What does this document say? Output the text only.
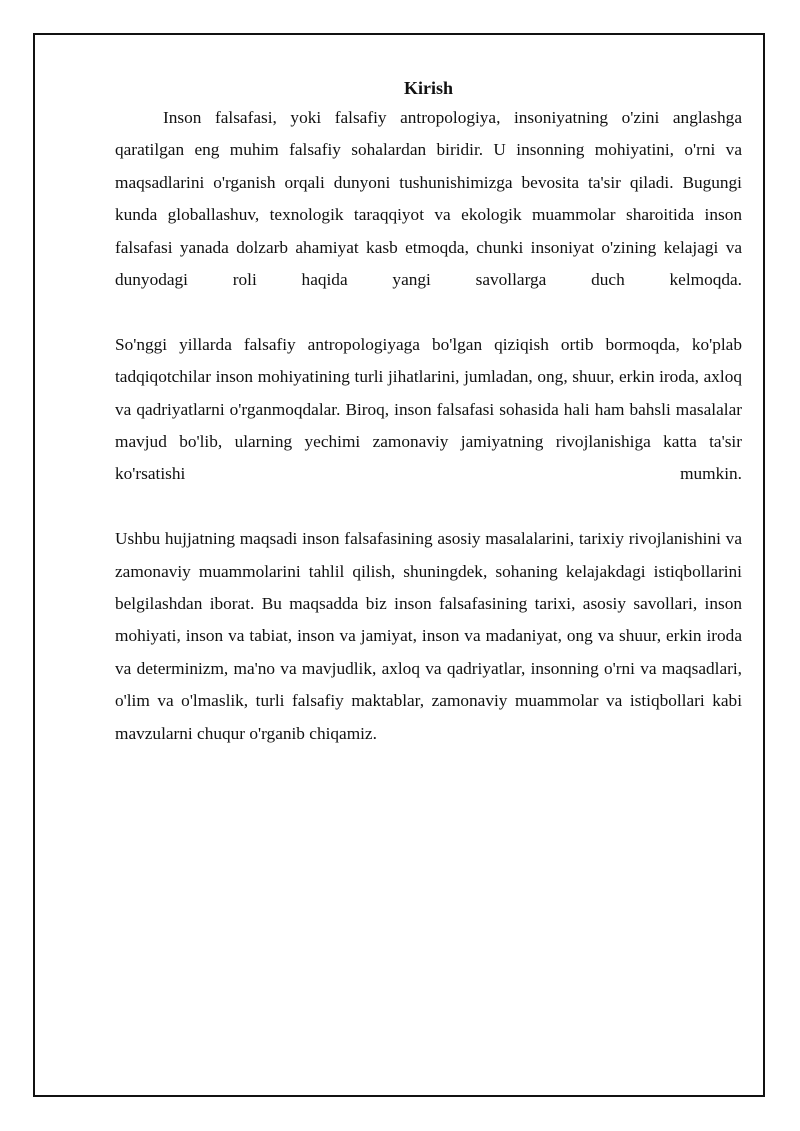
Kirish

Inson falsafasi, yoki falsafiy antropologiya, insoniyatning o'zini anglashga qaratilgan eng muhim falsafiy sohalardan biridir. U insonning mohiyatini, o'rni va maqsadlarini o'rganish orqali dunyoni tushunishimizga bevosita ta'sir qiladi. Bugungi kunda globallashuv, texnologik taraqqiyot va ekologik muammolar sharoitida inson falsafasi yanada dolzarb ahamiyat kasb etmoqda, chunki insoniyat o'zining kelajagi va dunyodagi roli haqida yangi savollarga duch kelmoqda.

So'nggi yillarda falsafiy antropologiyaga bo'lgan qiziqish ortib bormoqda, ko'plab tadqiqotchilar inson mohiyatining turli jihatlarini, jumladan, ong, shuur, erkin iroda, axloq va qadriyatlarni o'rganmoqdalar. Biroq, inson falsafasi sohasida hali ham bahsli masalalar mavjud bo'lib, ularning yechimi zamonaviy jamiyatning rivojlanishiga katta ta'sir ko'rsatishi mumkin.

Ushbu hujjatning maqsadi inson falsafasining asosiy masalalarini, tarixiy rivojlanishini va zamonaviy muammolarini tahlil qilish, shuningdek, sohaning kelajakdagi istiqbollarini belgilashdan iborat. Bu maqsadda biz inson falsafasining tarixi, asosiy savollari, inson mohiyati, inson va tabiat, inson va jamiyat, inson va madaniyat, ong va shuur, erkin iroda va determinizm, ma'no va mavjudlik, axloq va qadriyatlar, insonning o'rni va maqsadlari, o'lim va o'lmaslik, turli falsafiy maktablar, zamonaviy muammolar va istiqbollari kabi mavzularni chuqur o'rganib chiqamiz.
